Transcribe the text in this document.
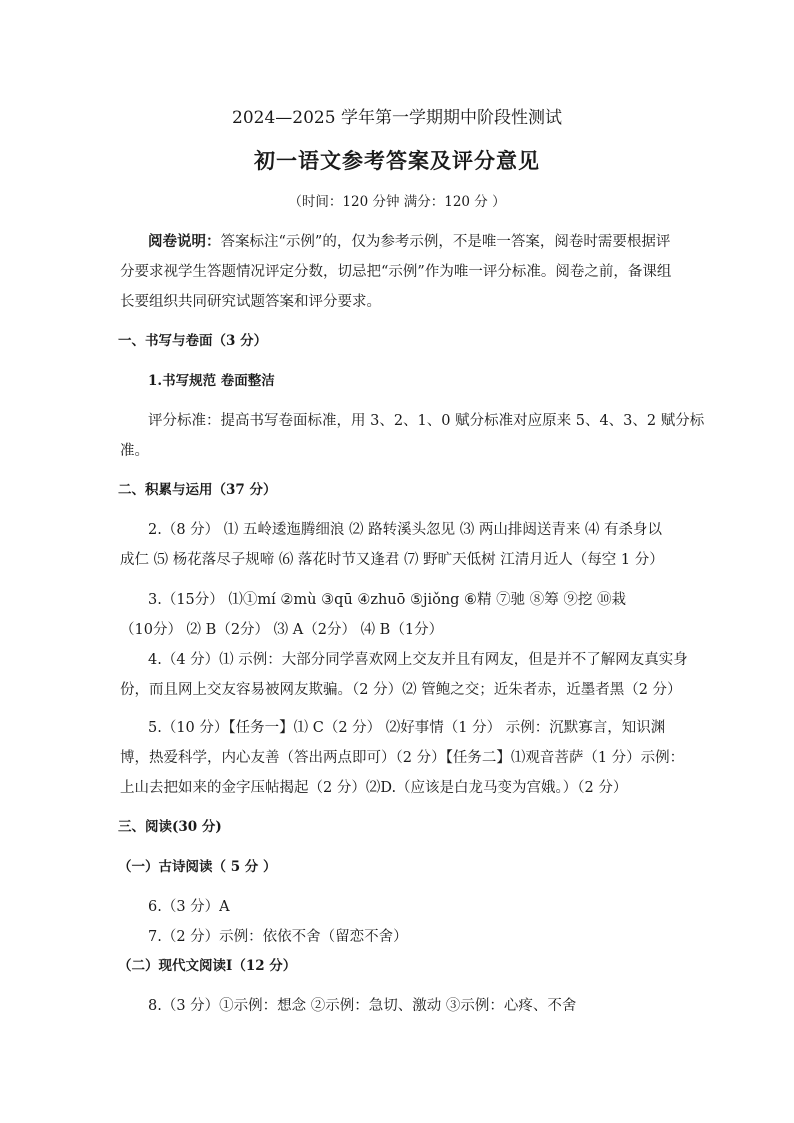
2024—2025 学年第一学期期中阶段性测试
初一语文参考答案及评分意见
（时间：120 分钟 满分：120 分 ）
阅卷说明：答案标注“示例”的，仅为参考示例，不是唯一答案，阅卷时需要根据评
分要求视学生答题情况评定分数，切忌把“示例”作为唯一评分标准。阅卷之前，备课组
长要组织共同研究试题答案和评分要求。
一、书写与卷面（3 分）
1.书写规范 卷面整洁
评分标准：提高书写卷面标准，用 3、2、1、0 赋分标准对应原来 5、4、3、2 赋分标
准。
二、积累与运用（37 分）
2.（8 分） ⑴ 五岭逶迤腾细浪 ⑵ 路转溪头忽见 ⑶ 两山排闼送青来 ⑷ 有杀身以
成仁 ⑸ 杨花落尽子规啼 ⑹ 落花时节又逢君 ⑺ 野旷天低树 江清月近人（每空 1 分）
3.（15分） ⑴①mí ②mù ③qū ④zhuō ⑤jiǒng ⑥精 ⑦驰 ⑧筹 ⑨挖 ⑩栽
（10分） ⑵ B（2分） ⑶ A（2分） ⑷ B（1分）
4.（4 分）⑴ 示例：大部分同学喜欢网上交友并且有网友，但是并不了解网友真实身
份，而且网上交友容易被网友欺骗。（2 分）⑵ 管鲍之交；近朱者赤，近墨者黑（2 分）
5.（10 分）【任务一】⑴ C（2 分） ⑵好事情（1 分） 示例：沉默寡言，知识渊
博，热爱科学，内心友善（答出两点即可）（2 分）【任务二】⑴观音菩萨（1 分）示例：
上山去把如来的金字压帖揭起（2 分）⑵D.（应该是白龙马变为宫娥。）（2 分）
三、阅读(30 分)
（一）古诗阅读（ 5 分 ）
6.（3 分）A
7.（2 分）示例：依依不舍（留恋不舍）
（二）现代文阅读Ⅰ（12 分）
8.（3 分）①示例：想念 ②示例：急切、激动 ③示例：心疼、不舍
